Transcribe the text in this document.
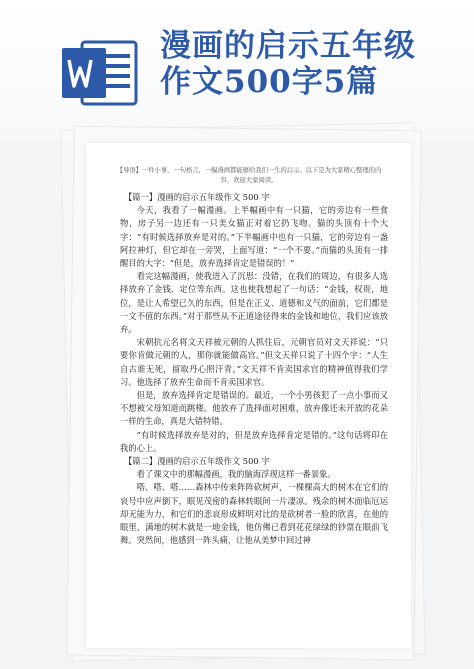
漫画的启示五年级
作文500字5篇
【导语】一件小事，一句格言，一幅漫画都能够给我们一生的启示。以下是为大家精心整理的内容，欢迎大家阅读。

【篇一】漫画的启示五年级作文 500 字

今天，我看了一幅漫画。上半幅画中有一只猫，它的旁边有一些食物，房子另一边还有一只美女猫正对着它扔飞吻。猫的头顶有十个大字：“有时候选择放弃是对的。”下半幅画中也有一只猫，它的旁边有一盏阿拉神灯，但它却在一旁哭，上面写道：“一个不要。”而猫的头顶有一排醒目的大字：“但是，放弃选择肯定是错误的！”

看完这幅漫画，使我进入了沉思：没错，在我们的周边，有很多人选择放弃了金钱、定位等东西。这也使我想起了一句话：“金钱，权贵，地位，是让人希望已久的东西，但是在正义、道德和义气的面前，它们都是一文不值的东西。”对于那些从不正道途径得来的金钱和地位，我们应该放弃。

宋朝抗元名将文天祥被元朝的人抓住后，元朝官员对文天祥说：“只要你肯做元朝的人，那你就能做高官。”但文天祥只说了十四个字：“人生自古谁无死，留取丹心照汗青。”文天祥不肯卖国求官的精神值得我们学习。他选择了放弃生命而不肯卖国求官。

但是，放弃选择肯定是错误的。最近，一个小男孩犯了一点小事而又不想被父母知道而跳楼。他放弃了选择面对困难，放弃像还未开放的花朵一样的生命，真是大错特错。

“有时候选择放弃是对的，但是放弃选择肯定是错的。”这句话将印在我的心上。

【篇二】漫画的启示五年级作文 500 字

看了课文中的那幅漫画，我的脑海浮现这样一番景象。

嗒、嗒、嗒……森林中传来阵阵砍树声，一棵棵高大的树木在它们的哀号中应声倒下，眼见茂密的森林转眼间一片凄凉。残余的树木面临厄运却无能为力，和它们的悲哀形成鲜明对比的是砍树者一脸的欣喜，在他的眼里，满地的树木就是一地金钱，他仿佛已看到花花绿绿的钞票在眼前飞舞。突然间，他感到一阵头痛，让他从美梦中回过神
